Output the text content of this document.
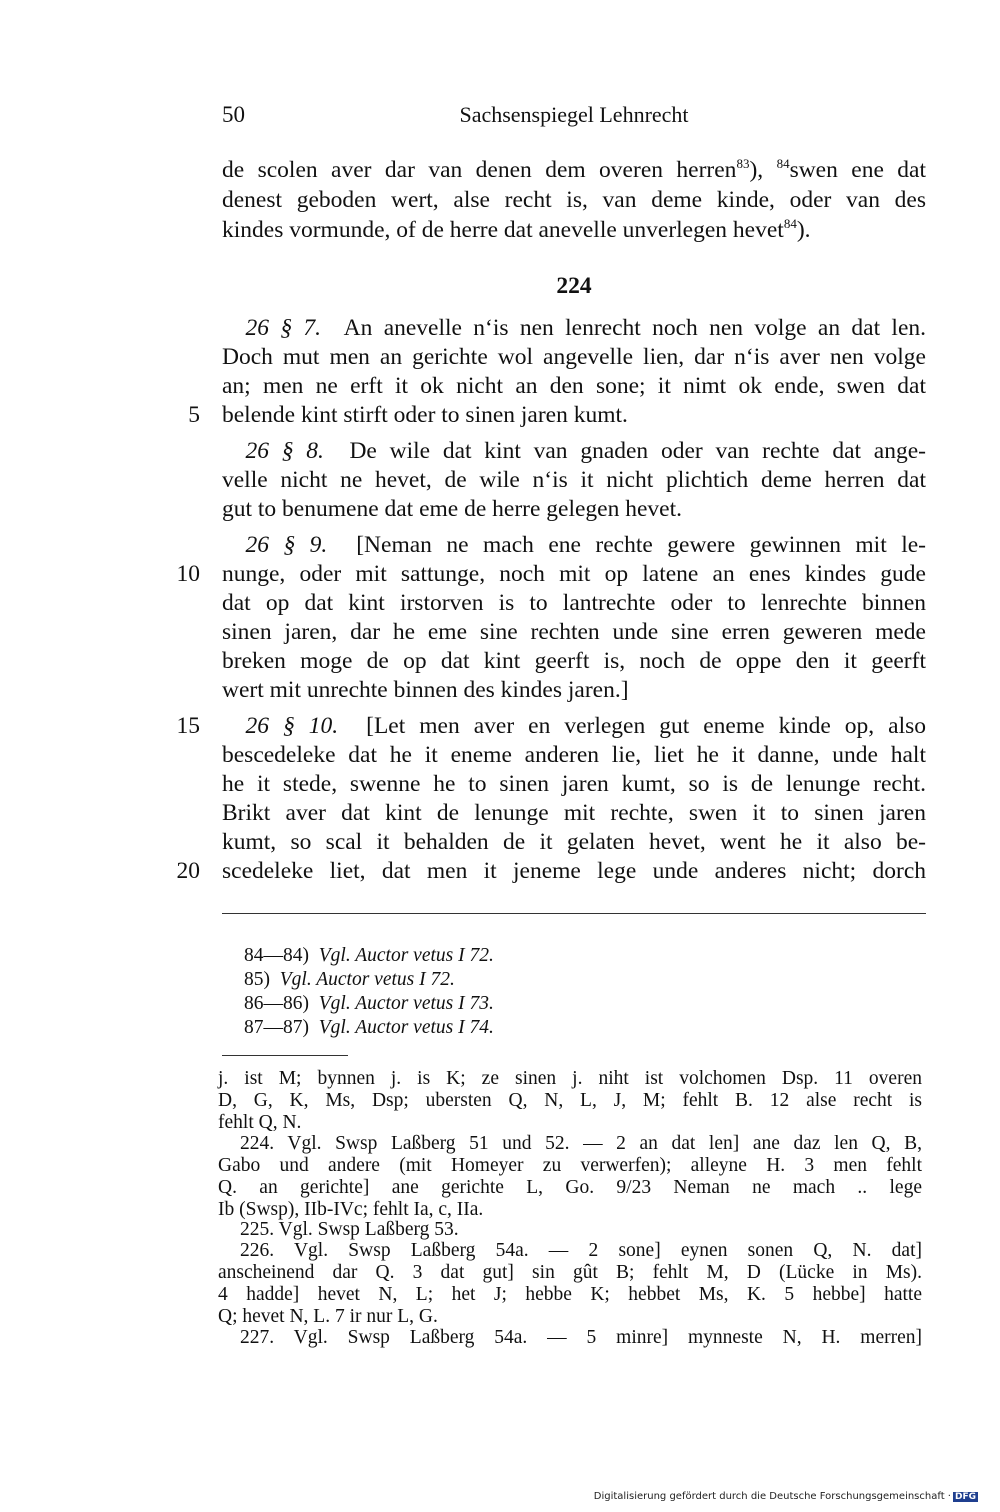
50	Sachsenspiegel Lehnrecht
de scolen aver dar van denen dem overen herren$^{83}$), $^{84}$swen ene dat
denest geboden wert, alse recht is, van deme kinde, oder van des
kindes vormunde, of de herre dat anevelle unverlegen hevet$^{84}$).
224
 26 § 7. An anevelle n‘is nen lenrecht noch nen volge an dat len.
Doch mut men an gerichte wol angevelle lien, dar n‘is aver nen volge
an; men ne erft it ok nicht an den sone; it nimt ok ende, swen dat
belende kint stirft oder to sinen jaren kumt.
 26 § 8. De wile dat kint van gnaden oder van rechte dat ange-
velle nicht ne hevet, de wile n‘is it nicht plichtich deme herren dat
gut to benumene dat eme de herre gelegen hevet.
 26 § 9. [Neman ne mach ene rechte gewere gewinnen mit le-
nunge, oder mit sattunge, noch mit op latene an enes kindes gude
dat op dat kint irstorven is to lantrechte oder to lenrechte binnen
sinen jaren, dar he eme sine rechten unde sine erren geweren mede
breken moge de op dat kint geerft is, noch de oppe den it geerft
wert mit unrechte binnen des kindes jaren.]
 26 § 10. [Let men aver en verlegen gut eneme kinde op, also
bescedeleke dat he it eneme anderen lie, liet he it danne, unde halt
he it stede, swenne he to sinen jaren kumt, so is de lenunge recht.
Brikt aver dat kint de lenunge mit rechte, swen it to sinen jaren
kumt, so scal it behalden de it gelaten hevet, went he it also be-
scedeleke liet, dat men it jeneme lege unde anderes nicht; dorch
5
10
15
20
84—84) Vgl. Auctor vetus I 72.
85) Vgl. Auctor vetus I 72.
86—86) Vgl. Auctor vetus I 73.
87—87) Vgl. Auctor vetus I 74.
j. ist M; bynnen j. is K; ze sinen j. niht ist volchomen Dsp. 11 overen
D, G, K, Ms, Dsp; ubersten Q, N, L, J, M; fehlt B. 12 alse recht is
fehlt Q, N.
224. Vgl. Swsp Laßberg 51 und 52. — 2 an dat len] ane daz len Q, B,
Gabo und andere (mit Homeyer zu verwerfen); alleyne H. 3 men fehlt
Q. an gerichte] ane gerichte L, Go. 9/23 Neman ne mach .. lege
Ib (Swsp), IIb-IVc; fehlt Ia, c, IIa.
225. Vgl. Swsp Laßberg 53.
226. Vgl. Swsp Laßberg 54a. — 2 sone] eynen sonen Q, N. dat]
anscheinend dar Q. 3 dat gut] sin gût B; fehlt M, D (Lücke in Ms).
4 hadde] hevet N, L; het J; hebbe K; hebbet Ms, K. 5 hebbe] hatte
Q; hevet N, L. 7 ir nur L, G.
227. Vgl. Swsp Laßberg 54a. — 5 minre] mynneste N, H. merren]
Digitalisierung gefördert durch die Deutsche Forschungsgemeinschaft · DFG
